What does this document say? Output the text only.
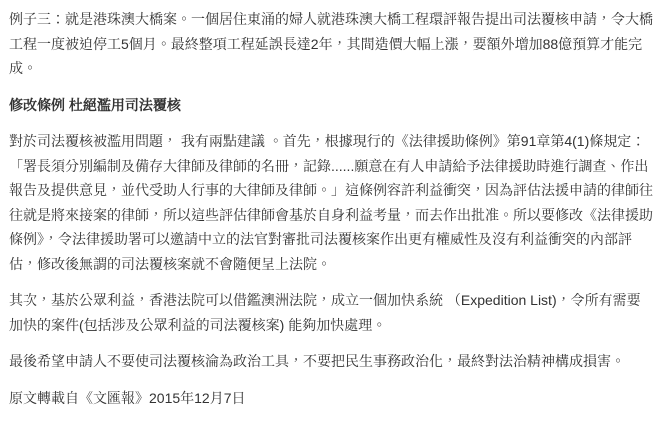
例子三：就是港珠澳大橋案。一個居住東涌的婦人就港珠澳大橋工程環評報告提出司法覆核申請，令大橋工程一度被迫停工5個月。最終整項工程延誤長達2年，其間造價大幅上漲，要額外增加88億預算才能完成。

修改條例 杜絕濫用司法覆核

對於司法覆核被濫用問題， 我有兩點建議 。首先，根據現行的《法律援助條例》第91章第4(1)條規定：「署長須分別編制及備存大律師及律師的名冊，記錄......願意在有人申請給予法律援助時進行調查、作出報告及提供意見，並代受助人行事的大律師及律師。」這條例容許利益衝突，因為評估法援申請的律師往往就是將來接案的律師，所以這些評估律師會基於自身利益考量，而去作出批准。所以要修改《法律援助條例》，令法律援助署可以邀請中立的法官對審批司法覆核案作出更有權威性及沒有利益衝突的內部評估，修改後無謂的司法覆核案就不會隨便呈上法院。

其次，基於公眾利益，香港法院可以借鑑澳洲法院，成立一個加快系統 （Expedition List)，令所有需要加快的案件(包括涉及公眾利益的司法覆核案) 能夠加快處理。

最後希望申請人不要使司法覆核淪為政治工具，不要把民生事務政治化，最終對法治精神構成損害。

原文轉載自《文匯報》2015年12月7日
